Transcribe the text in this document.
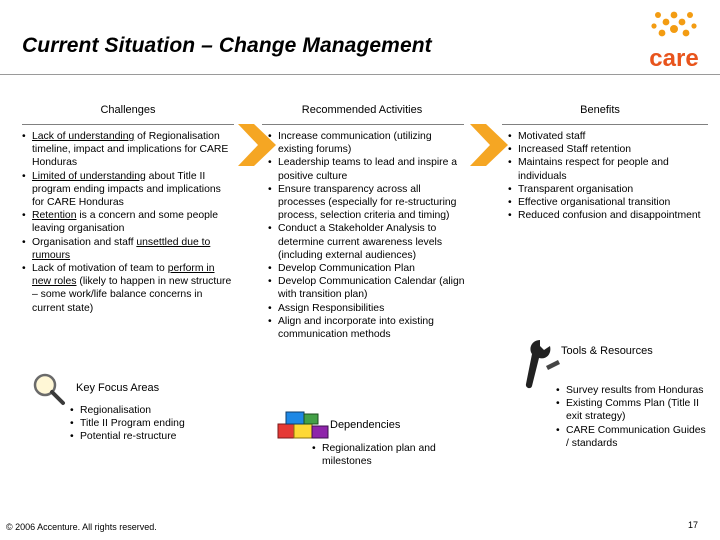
Current Situation – Change Management	care
Challenges	Recommended Activities	Benefits
• Lack of understanding of Regionalisation timeline, impact and implications for CARE Honduras
• Limited of understanding about Title II program ending impacts and implications for CARE Honduras
• Retention is a concern and some people leaving organisation
• Organisation and staff unsettled due to rumours
• Lack of motivation of team to perform in new roles (likely to happen in new structure – some work/life balance concerns in current state)
• Increase communication (utilizing existing forums)
• Leadership teams to lead and inspire a positive culture
• Ensure transparency across all processes (especially for re-structuring process, selection criteria and timing)
• Conduct a Stakeholder Analysis to determine current awareness levels (including external audiences)
• Develop Communication Plan
• Develop Communication Calendar (align with transition plan)
• Assign Responsibilities
• Align and incorporate into existing communication methods
• Motivated staff
• Increased Staff retention
• Maintains respect for people and individuals
• Transparent organisation
• Effective organisational transition
• Reduced confusion and disappointment
Key Focus Areas
• Regionalisation
• Title II Program ending
• Potential re-structure
Dependencies
• Regionalization plan and milestones
Tools & Resources
• Survey results from Honduras
• Existing Comms Plan (Title II exit strategy)
• CARE Communication Guides / standards
© 2006 Accenture. All rights reserved.	17
